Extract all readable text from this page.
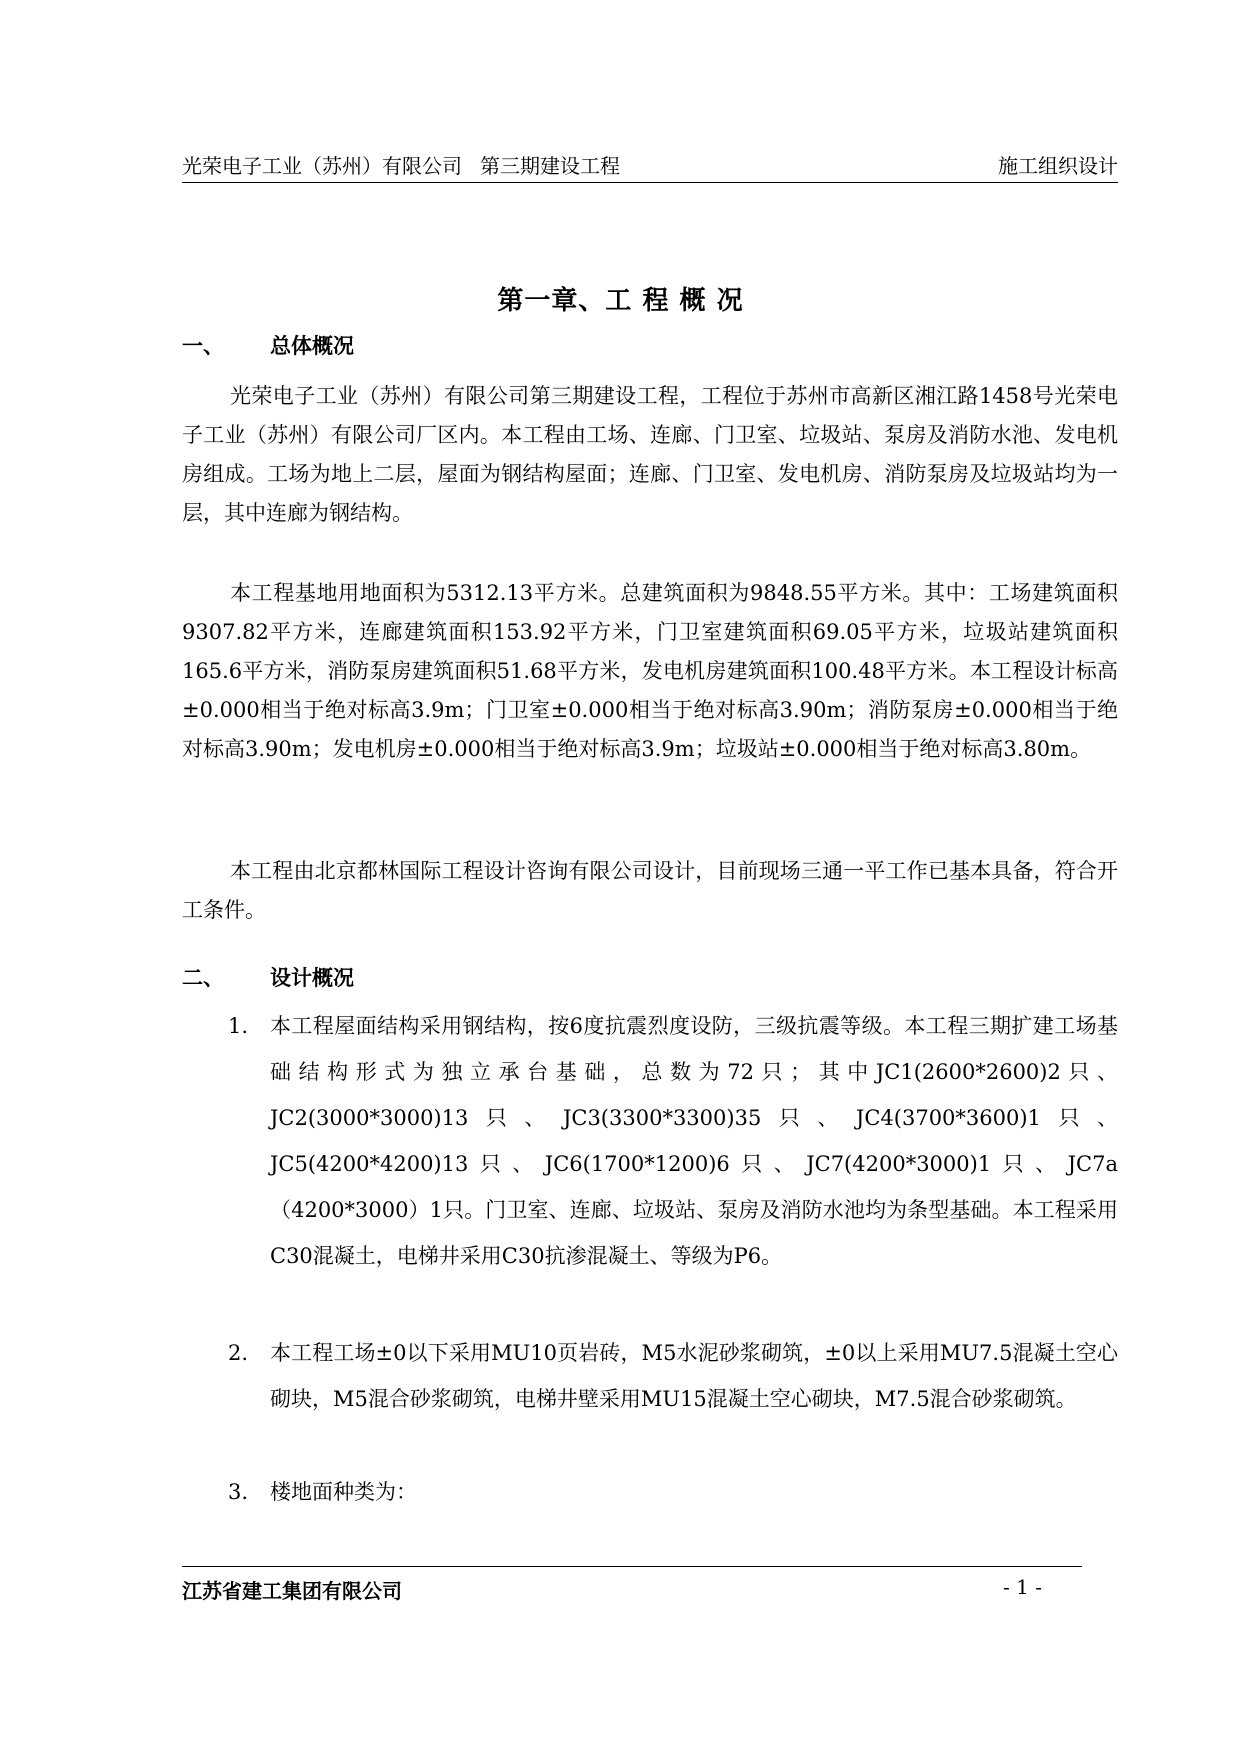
光荣电子工业（苏州）有限公司 第三期建设工程	施工组织设计
第一章、工 程 概 况
一、 总体概况

光荣电子工业（苏州）有限公司第三期建设工程，工程位于苏州市高新区湘江路1458号光荣电子工业（苏州）有限公司厂区内。本工程由工场、连廊、门卫室、垃圾站、泵房及消防水池、发电机房组成。工场为地上二层，屋面为钢结构屋面；连廊、门卫室、发电机房、消防泵房及垃圾站均为一层，其中连廊为钢结构。

本工程基地用地面积为5312.13平方米。总建筑面积为9848.55平方米。其中：工场建筑面积9307.82平方米，连廊建筑面积153.92平方米，门卫室建筑面积69.05平方米，垃圾站建筑面积165.6平方米，消防泵房建筑面积51.68平方米，发电机房建筑面积100.48平方米。本工程设计标高±0.000相当于绝对标高3.9m；门卫室±0.000相当于绝对标高3.90m；消防泵房±0.000相当于绝对标高3.90m；发电机房±0.000相当于绝对标高3.9m；垃圾站±0.000相当于绝对标高3.80m。

本工程由北京都林国际工程设计咨询有限公司设计，目前现场三通一平工作已基本具备，符合开工条件。

二、 设计概况
1. 本工程屋面结构采用钢结构，按6度抗震烈度设防，三级抗震等级。本工程三期扩建工场基础结构形式为独立承台基础，总数为72只；其中JC1(2600*2600)2只、JC2(3000*3000)13只、JC3(3300*3300)35只、JC4(3700*3600)1只、JC5(4200*4200)13只、JC6(1700*1200)6只、JC7(4200*3000)1只、JC7a（4200*3000）1只。门卫室、连廊、垃圾站、泵房及消防水池均为条型基础。本工程采用C30混凝土，电梯井采用C30抗渗混凝土、等级为P6。
2. 本工程工场±0以下采用MU10页岩砖，M5水泥砂浆砌筑，±0以上采用MU7.5混凝土空心砌块，M5混合砂浆砌筑，电梯井壁采用MU15混凝土空心砌块，M7.5混合砂浆砌筑。
3. 楼地面种类为：
江苏省建工集团有限公司	- 1 -
